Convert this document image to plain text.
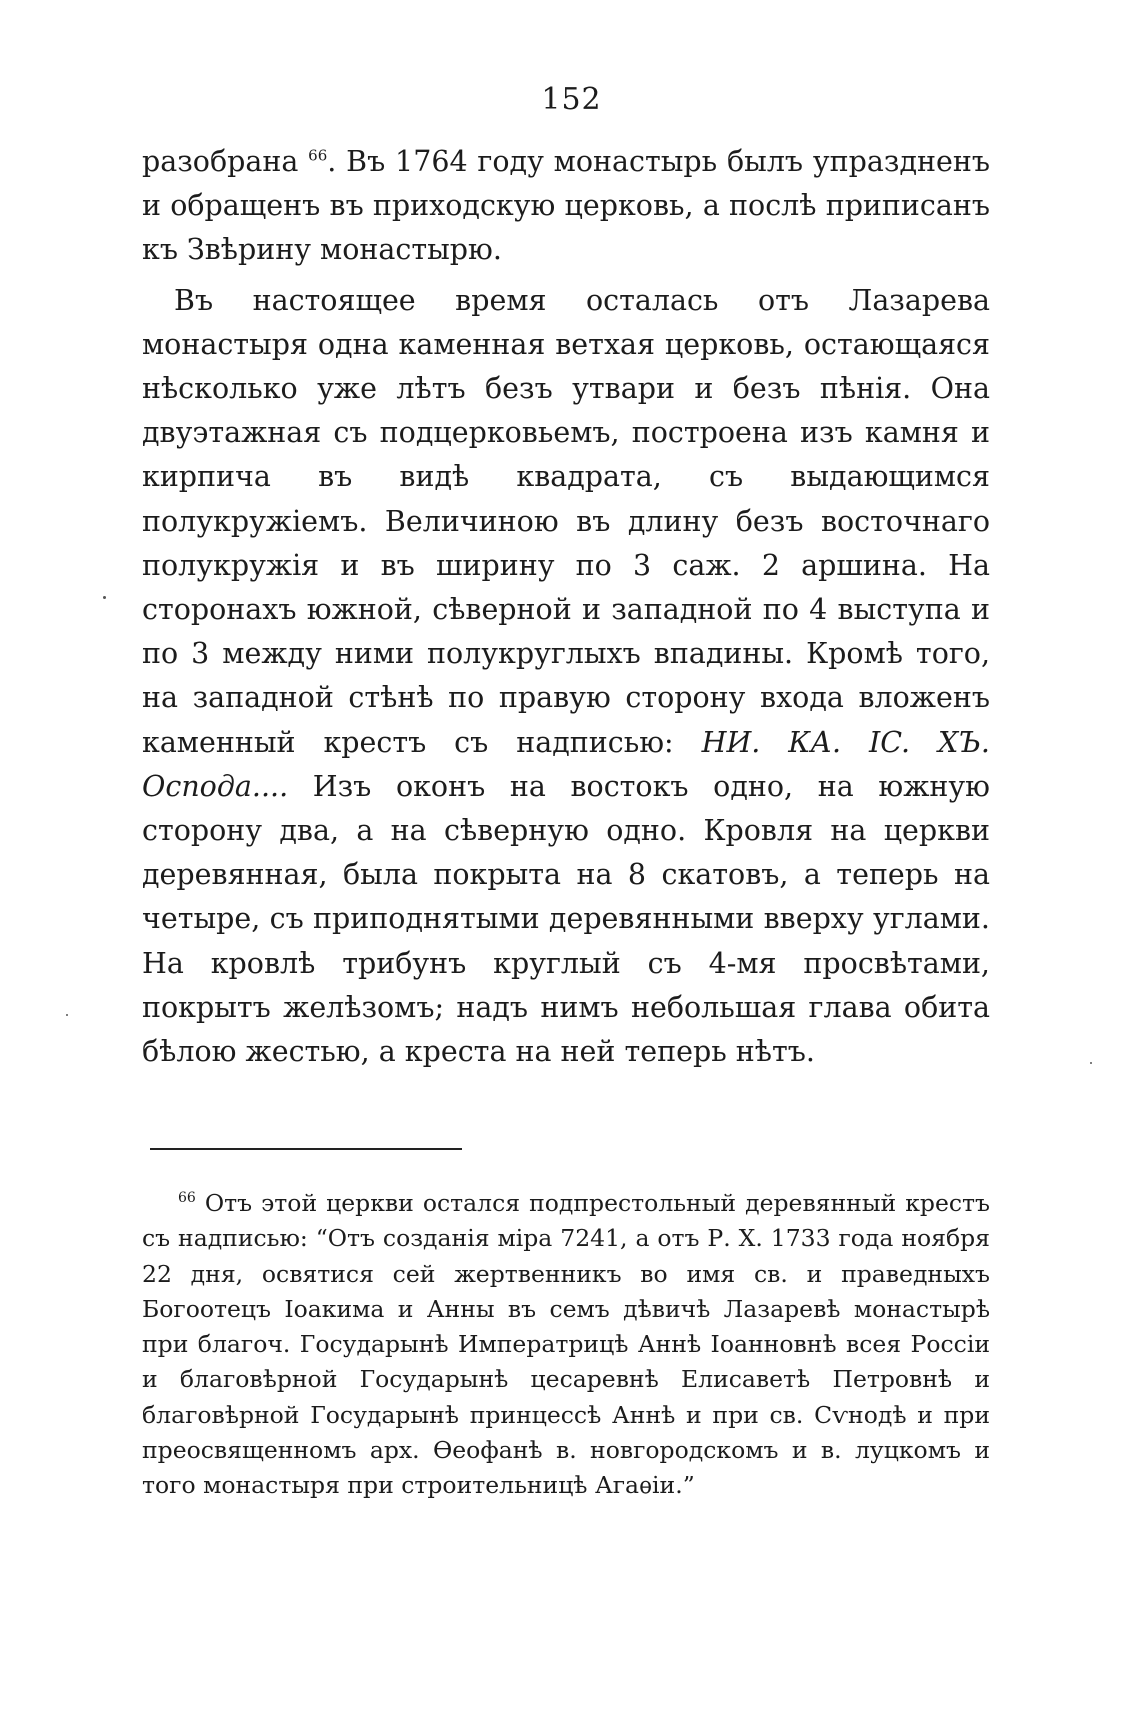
152

разобрана $^{66}$. Въ 1764 году монастырь былъ упраздненъ и обращенъ въ приходскую церковь, а послѣ приписанъ къ Звѣрину монастырю.

Въ настоящее время осталась отъ Лазарева монастыря одна каменная ветхая церковь, остающаяся нѣсколько уже лѣтъ безъ утвари и безъ пѣнія. Она двуэтажная съ подцерковьемъ, построена изъ камня и кирпича въ видѣ квадрата, съ выдающимся полукружіемъ. Величиною въ длину безъ восточнаго полукружія и въ ширину по 3 саж. 2 аршина. На сторонахъ южной, сѣверной и западной по 4 выступа и по 3 между ними полукруглыхъ впадины. Кромѣ того, на западной стѣнѣ по правую сторону входа вложенъ каменный крестъ съ надписью: НИ. КА. IC. ХЪ. Оспода.... Изъ оконъ на востокъ одно, на южную сторону два, а на сѣверную одно. Кровля на церкви деревянная, была покрыта на 8 скатовъ, а теперь на четыре, съ приподнятыми деревянными вверху углами. На кровлѣ трибунъ круглый съ 4-мя просвѣтами, покрытъ желѣзомъ; надъ нимъ небольшая глава обита бѣлою жестью, а креста на ней теперь нѣтъ.

$^{66}$ Отъ этой церкви остался подпрестольный деревянный крестъ съ надписью: “Отъ созданія міра 7241, а отъ Р. Х. 1733 года ноября 22 дня, освятися сей жертвенникъ во имя св. и праведныхъ Богоотецъ Іоакима и Анны въ семъ дѣвичѣ Лазаревѣ монастырѣ при благоч. Государынѣ Императрицѣ Аннѣ Іоанновнѣ всея Россіи и благовѣрной Государынѣ цесаревнѣ Елисаветѣ Петровнѣ и благовѣрной Государынѣ принцессѣ Аннѣ и при св. Сѵнодѣ и при преосвященномъ арх. Ѳеофанѣ в. новгородскомъ и в. луцкомъ и того монастыря при строительницѣ Агаѳіи.”
